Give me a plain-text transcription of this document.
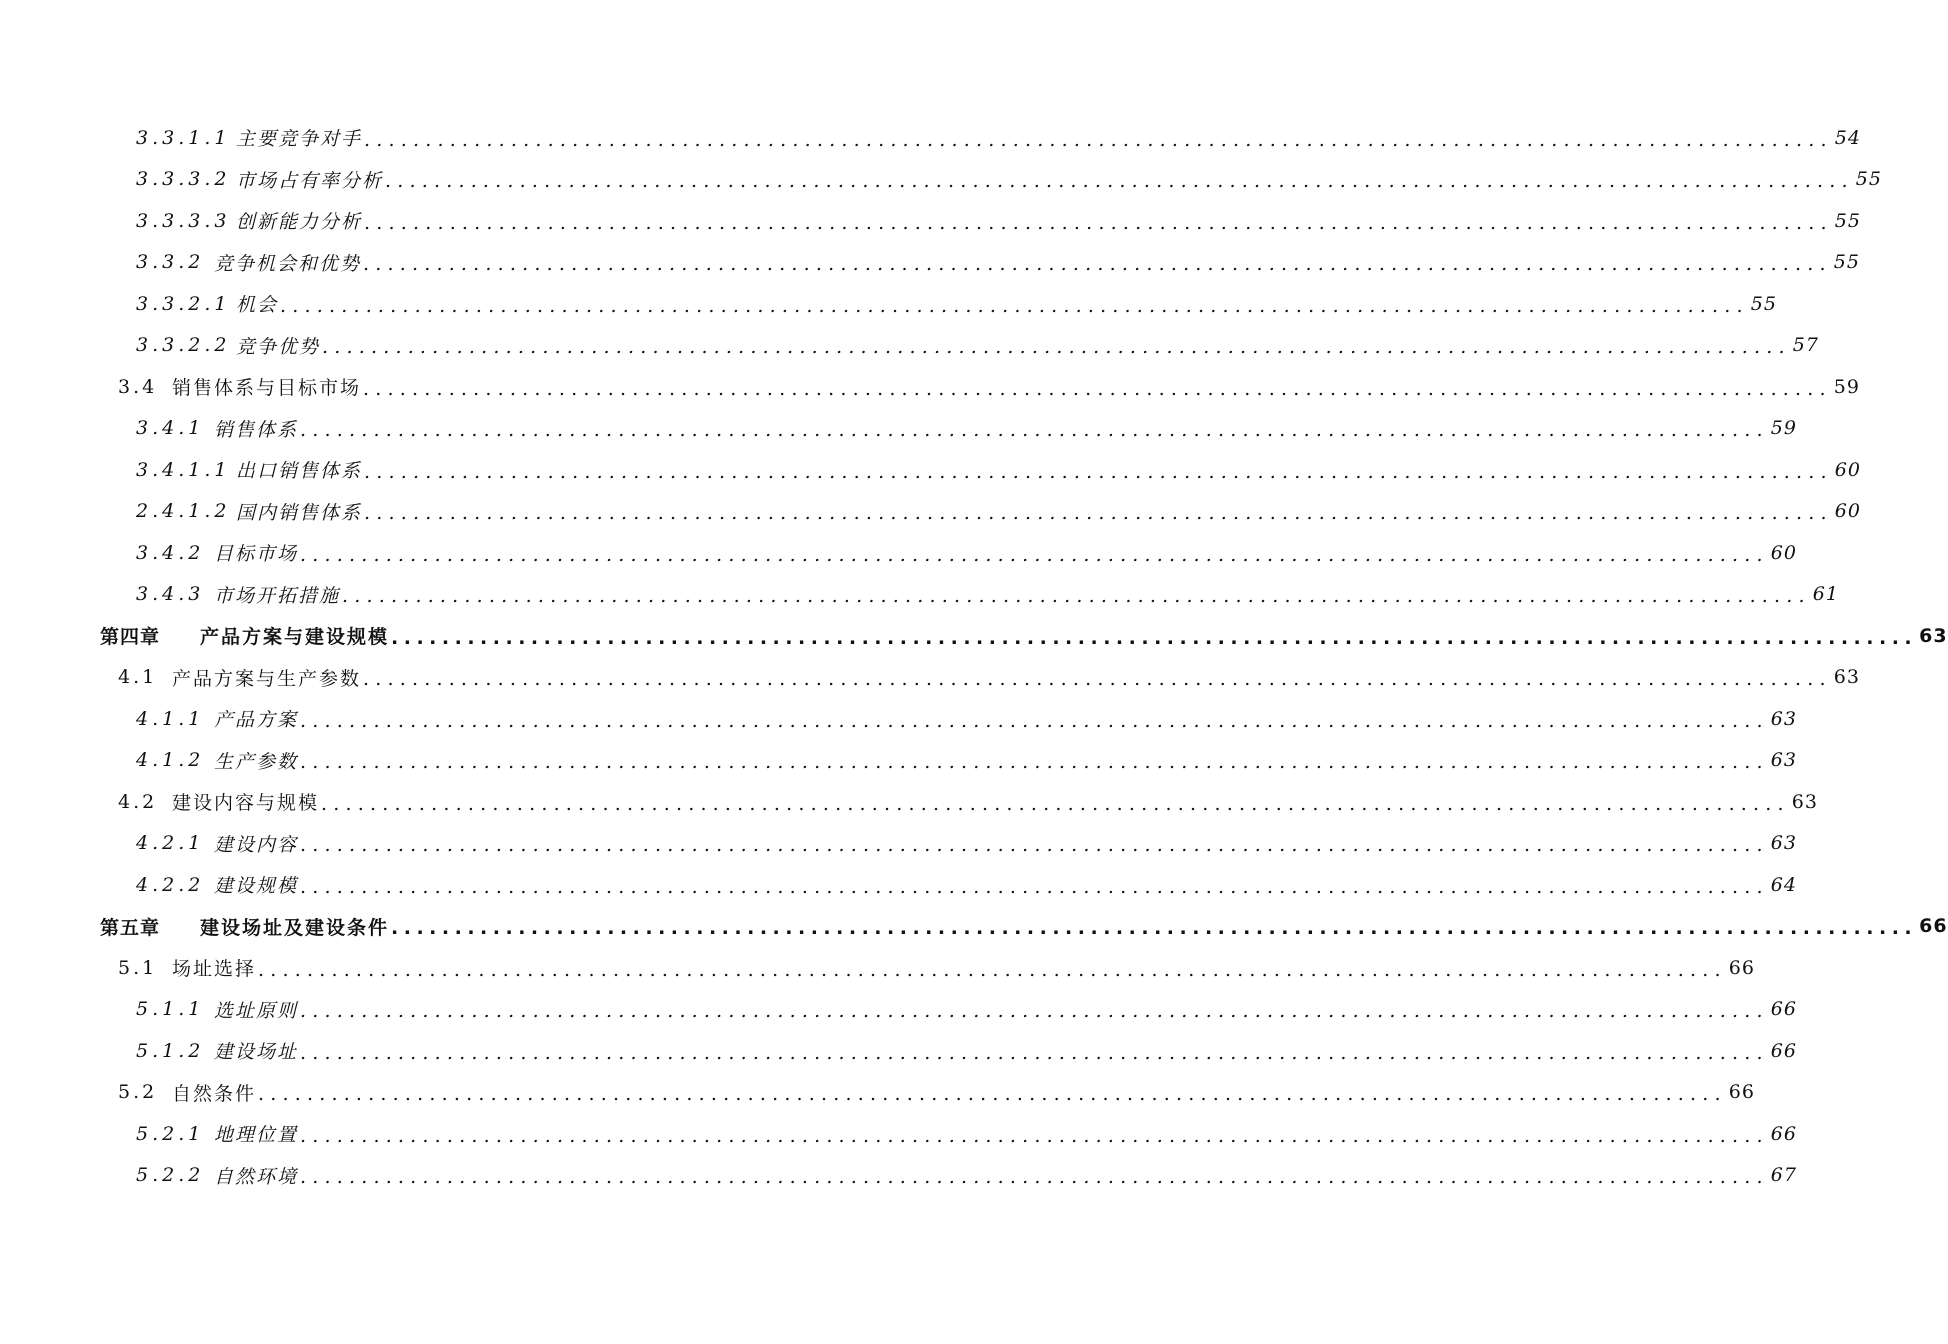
3.3.1.1 主要竞争对手 ........................................................................................................................ 54
3.3.3.2 市场占有率分析 ........................................................................................................................ 55
3.3.3.3 创新能力分析 ........................................................................................................................ 55
3.3.2 竞争机会和优势 ........................................................................................................................ 55
3.3.2.1 机会 ........................................................................................................................ 55
3.3.2.2 竞争优势 ........................................................................................................................ 57
3.4 销售体系与目标市场 ........................................................................................................................ 59
3.4.1 销售体系 ........................................................................................................................ 59
3.4.1.1 出口销售体系 ........................................................................................................................ 60
2.4.1.2 国内销售体系 ........................................................................................................................ 60
3.4.2 目标市场 ........................................................................................................................ 60
3.4.3 市场开拓措施 ........................................................................................................................ 61
第四章	产品方案与建设规模 ........................................................................................................................ 63
4.1 产品方案与生产参数 ........................................................................................................................ 63
4.1.1 产品方案 ........................................................................................................................ 63
4.1.2 生产参数 ........................................................................................................................ 63
4.2 建设内容与规模 ........................................................................................................................ 63
4.2.1 建设内容 ........................................................................................................................ 63
4.2.2 建设规模 ........................................................................................................................ 64
第五章	建设场址及建设条件 ........................................................................................................................ 66
5.1 场址选择 ........................................................................................................................ 66
5.1.1 选址原则 ........................................................................................................................ 66
5.1.2 建设场址 ........................................................................................................................ 66
5.2 自然条件 ........................................................................................................................ 66
5.2.1 地理位置 ........................................................................................................................ 66
5.2.2 自然环境 ........................................................................................................................ 67
